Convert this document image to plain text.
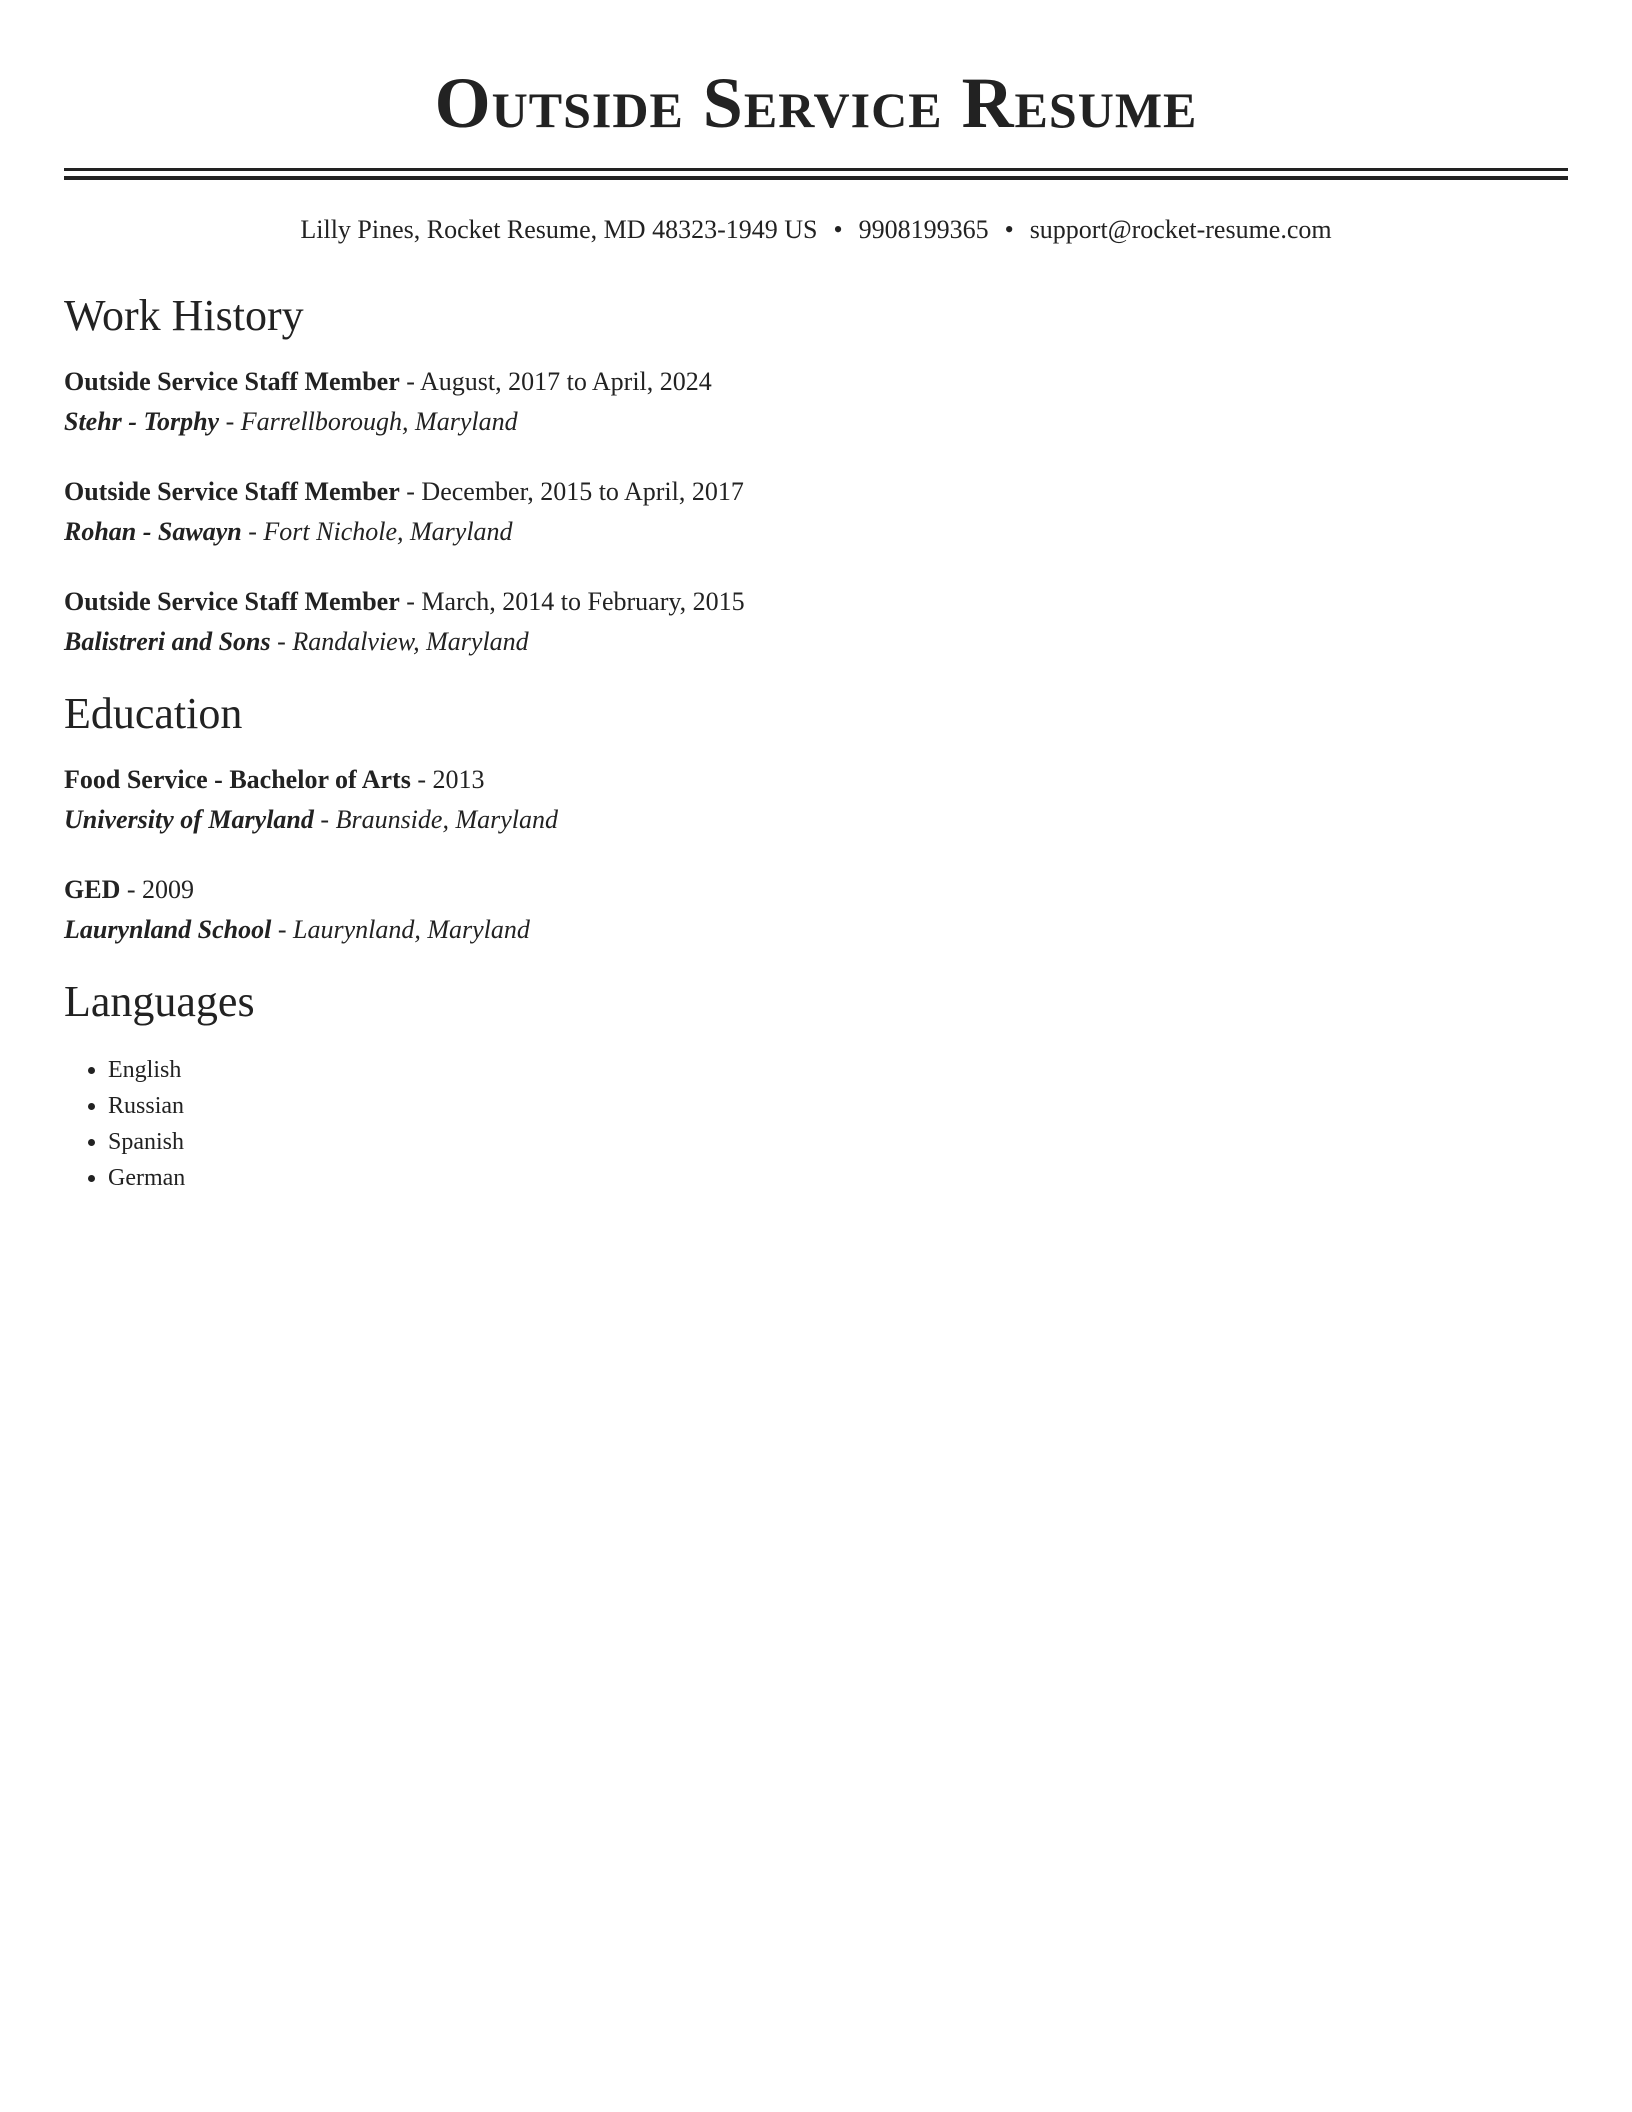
Outside Service Resume
Lilly Pines, Rocket Resume, MD 48323-1949 US • 9908199365 • support@rocket-resume.com
Work History
Outside Service Staff Member - August, 2017 to April, 2024
Stehr - Torphy - Farrellborough, Maryland
Outside Service Staff Member - December, 2015 to April, 2017
Rohan - Sawayn - Fort Nichole, Maryland
Outside Service Staff Member - March, 2014 to February, 2015
Balistreri and Sons - Randalview, Maryland
Education
Food Service - Bachelor of Arts - 2013
University of Maryland - Braunside, Maryland
GED - 2009
Laurynland School - Laurynland, Maryland
Languages
• English
• Russian
• Spanish
• German
